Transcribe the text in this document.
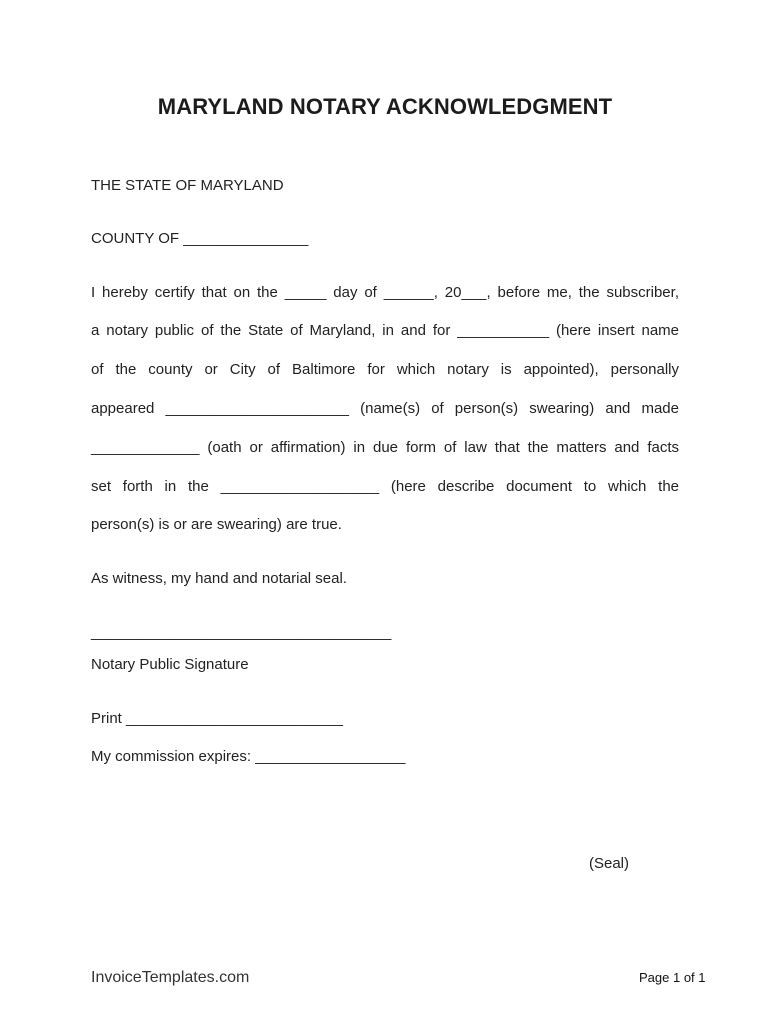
MARYLAND NOTARY ACKNOWLEDGMENT

THE STATE OF MARYLAND

COUNTY OF _______________

I hereby certify that on the _____ day of ______, 20___, before me, the subscriber,

a notary public of the State of Maryland, in and for ___________ (here insert name

of the county or City of Baltimore for which notary is appointed), personally

appeared ______________________ (name(s) of person(s) swearing) and made

_____________ (oath or affirmation) in due form of law that the matters and facts

set forth in the ___________________ (here describe document to which the

person(s) is or are swearing) are true.

As witness, my hand and notarial seal.

____________________________________

Notary Public Signature

Print __________________________

My commission expires: __________________

(Seal)

InvoiceTemplates.com	Page 1 of 1
